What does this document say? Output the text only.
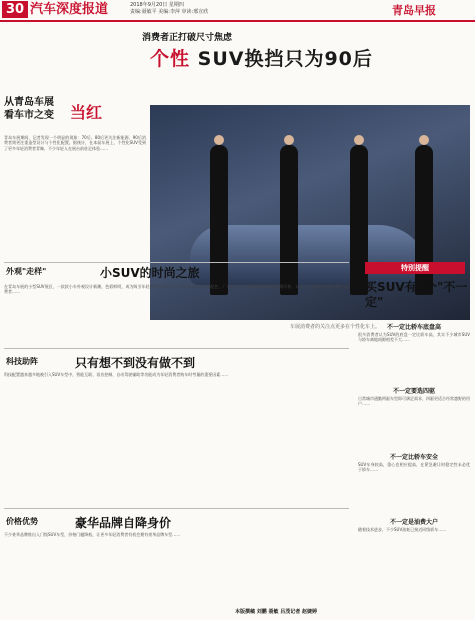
30 汽车深度报道	2018年9月20日 星期四
责编:聂敏平 美编:李萍 审读:邢宣欣	青岛早报
消费者正打破尺寸焦虑
个性 SUV换挡只为90后
从青岛车展
看车市之变	当红
车展消费者的关注点更多在个性化车上。
青岛车展期间，记者发现一个明显的现象：70后、80后更关注新能源、90后消费者则更注重造型设计与个性化配置。据统计，在本届车展上，个性化SUV受到了更多年轻消费者青睐，不少年轻人在展台前驻足体验……
外观"走样"	小SUV的时尚之旅
在青岛车展的小型SUV展区，一款款小车外观设计新潮、色彩鲜明，成为吸引年轻消费者的焦点。从车身线条到内饰配色，厂家都在尝试突破传统SUV的硬朗印象，以更具个性的造型迎合90后消费者……
科技助阵	只有想不到没有做不到
科技配置越来越多地被引入SUV车型中，智能互联、语音控制、自动驾驶辅助等功能成为年轻消费者购车时考量的重要因素……
价格优势	豪华品牌自降身价
不少豪华品牌推出入门级SUV车型，价格门槛降低，让更多年轻消费者有机会拥有豪华品牌车型……
特别提醒
买SUV有4个"不一定"
不一定比轿车底盘高
很多消费者认为SUV的底盘一定比轿车高，其实不少城市SUV与轿车离地间隙相差不大……
不一定要选四驱
日常城市通勤两驱车型即可满足需求，四驱更适合经常越野的用户……
不一定比轿车安全
SUV车身较高，重心也相应提高，在紧急避让时稳定性未必优于轿车……
不一定是油费大户
随着技术进步，不少SUV油耗已接近同级轿车……
本版撰稿 刘鹏 聂敏 吕茂记者 赵婕婷
